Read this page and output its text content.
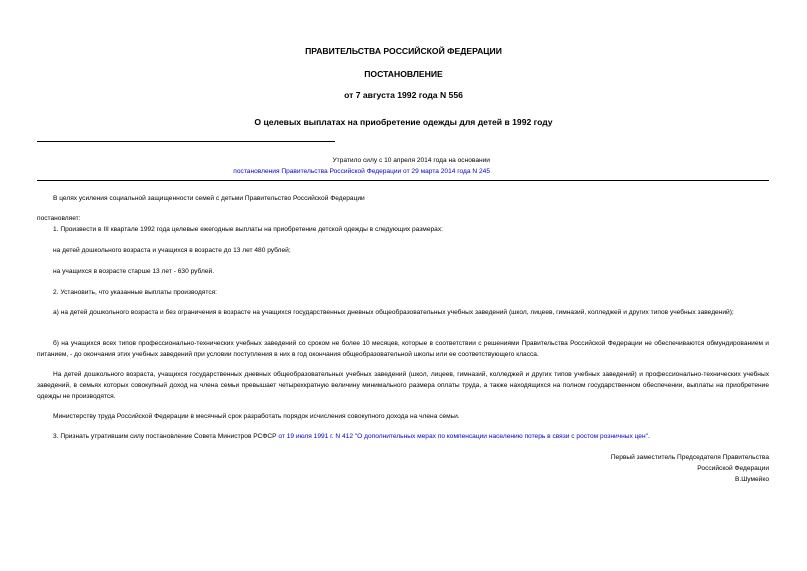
ПРАВИТЕЛЬСТВА РОССИЙСКОЙ ФЕДЕРАЦИИ
ПОСТАНОВЛЕНИЕ
от 7 августа 1992 года N 556
О целевых выплатах на приобретение одежды для детей в 1992 году
Утратило силу с 10 апреля 2014 года на основании
постановления Правительства Российской Федерации от 29 марта 2014 года N 245
В целях усиления социальной защищенности семей с детьми Правительство Российской Федерации
постановляет:
1. Произвести в III квартале 1992 года целевые ежегодные выплаты на приобретение детской одежды в следующих размерах:
на детей дошкольного возраста и учащихся в возрасте до 13 лет 480 рублей;
на учащихся в возрасте старше 13 лет - 630 рублей.
2. Установить, что указанные выплаты производятся:
а) на детей дошкольного возраста и без ограничения в возрасте на учащихся государственных дневных общеобразовательных учебных заведений (школ, лицеев, гимназий, колледжей и других типов учебных заведений);
б) на учащихся всех типов профессионально-технических учебных заведений со сроком не более 10 месяцев, которые в соответствии с решениями Правительства Российской Федерации не обеспечиваются обмундированием и питанием, - до окончания этих учебных заведений при условии поступления в них в год окончания общеобразовательной школы или ее соответствующего класса.
На детей дошкольного возраста, учащихся государственных дневных общеобразовательных учебных заведений (школ, лицеев, гимназий, колледжей и других типов учебных заведений) и профессионально-технических учебных заведений, в семьях которых совокупный доход на члена семьи превышает четырехкратную величину минимального размера оплаты труда, а также находящихся на полном государственном обеспечении, выплаты на приобретение одежды не производятся.
Министерству труда Российской Федерации в месячный срок разработать порядок исчисления совокупного дохода на члена семьи.
3. Признать утратившим силу постановление Совета Министров РСФСР от 19 июля 1991 г. N 412 "О дополнительных мерах по компенсации населению потерь в связи с ростом розничных цен".
Первый заместитель Председателя Правительства
Российской Федерации
В.Шумейко
